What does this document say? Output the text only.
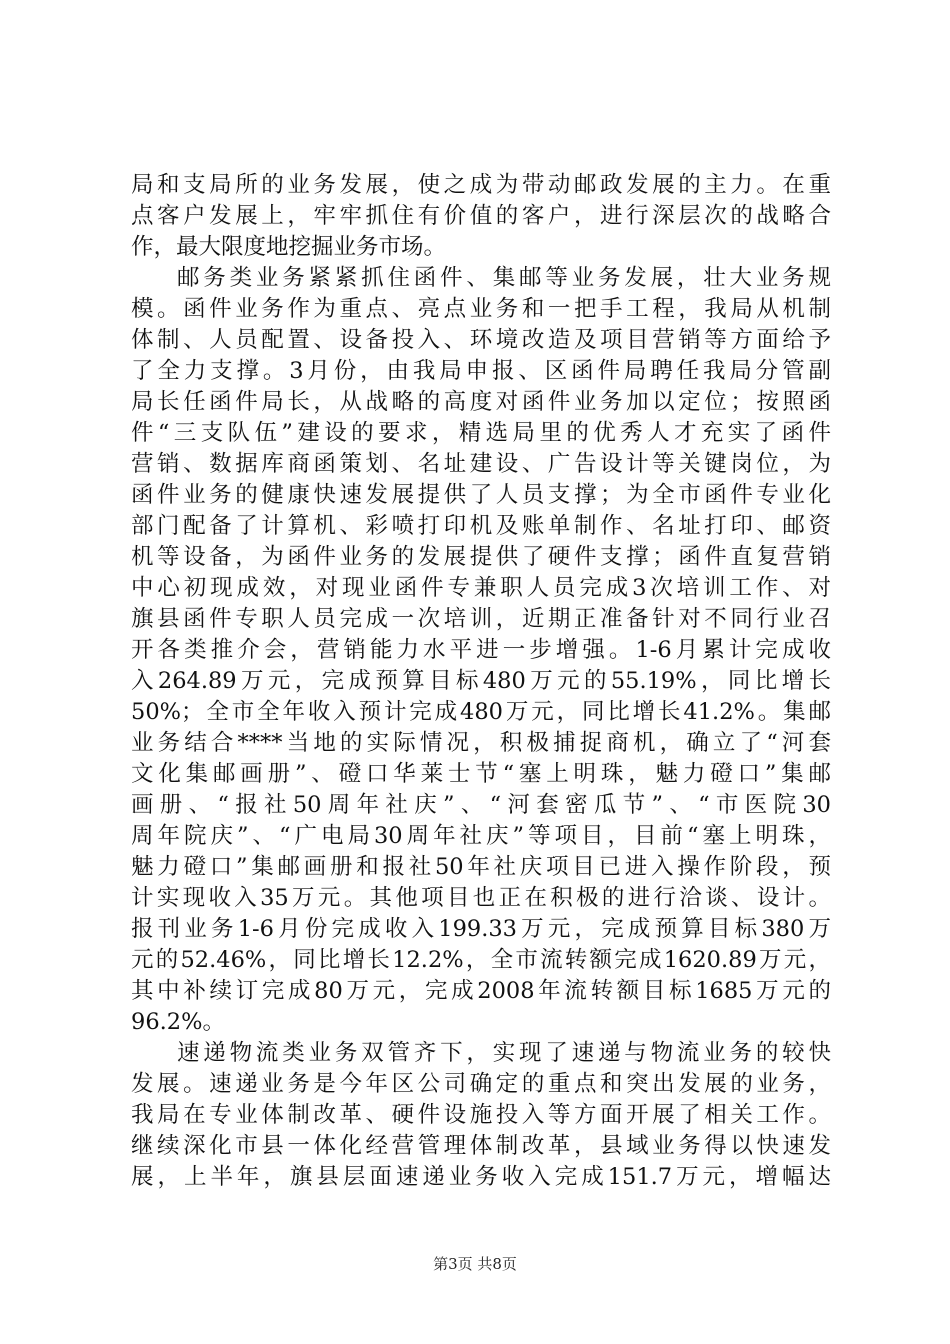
局和支局所的业务发展，使之成为带动邮政发展的主力。在重
点客户发展上，牢牢抓住有价值的客户，进行深层次的战略合
作，最大限度地挖掘业务市场。
邮务类业务紧紧抓住函件、集邮等业务发展，壮大业务规
模。函件业务作为重点、亮点业务和一把手工程，我局从机制
体制、人员配置、设备投入、环境改造及项目营销等方面给予
了全力支撑。3月份，由我局申报、区函件局聘任我局分管副
局长任函件局长，从战略的高度对函件业务加以定位；按照函
件“三支队伍”建设的要求，精选局里的优秀人才充实了函件
营销、数据库商函策划、名址建设、广告设计等关键岗位，为
函件业务的健康快速发展提供了人员支撑；为全市函件专业化
部门配备了计算机、彩喷打印机及账单制作、名址打印、邮资
机等设备，为函件业务的发展提供了硬件支撑；函件直复营销
中心初现成效，对现业函件专兼职人员完成3次培训工作、对
旗县函件专职人员完成一次培训，近期正准备针对不同行业召
开各类推介会，营销能力水平进一步增强。1-6月累计完成收
入264.89万元，完成预算目标480万元的55.19%，同比增长
50%；全市全年收入预计完成480万元，同比增长41.2%。集邮
业务结合****当地的实际情况，积极捕捉商机，确立了“河套
文化集邮画册”、磴口华莱士节“塞上明珠，魅力磴口”集邮
画册、“报社50周年社庆”、“河套密瓜节”、“市医院30
周年院庆”、“广电局30周年社庆”等项目，目前“塞上明珠，
魅力磴口”集邮画册和报社50年社庆项目已进入操作阶段，预
计实现收入35万元。其他项目也正在积极的进行洽谈、设计。
报刊业务1-6月份完成收入199.33万元，完成预算目标380万
元的52.46%，同比增长12.2%，全市流转额完成1620.89万元，
其中补续订完成80万元，完成2008年流转额目标1685万元的
96.2%。
速递物流类业务双管齐下，实现了速递与物流业务的较快
发展。速递业务是今年区公司确定的重点和突出发展的业务，
我局在专业体制改革、硬件设施投入等方面开展了相关工作。
继续深化市县一体化经营管理体制改革，县域业务得以快速发
展，上半年，旗县层面速递业务收入完成151.7万元，增幅达
第3页 共8页
